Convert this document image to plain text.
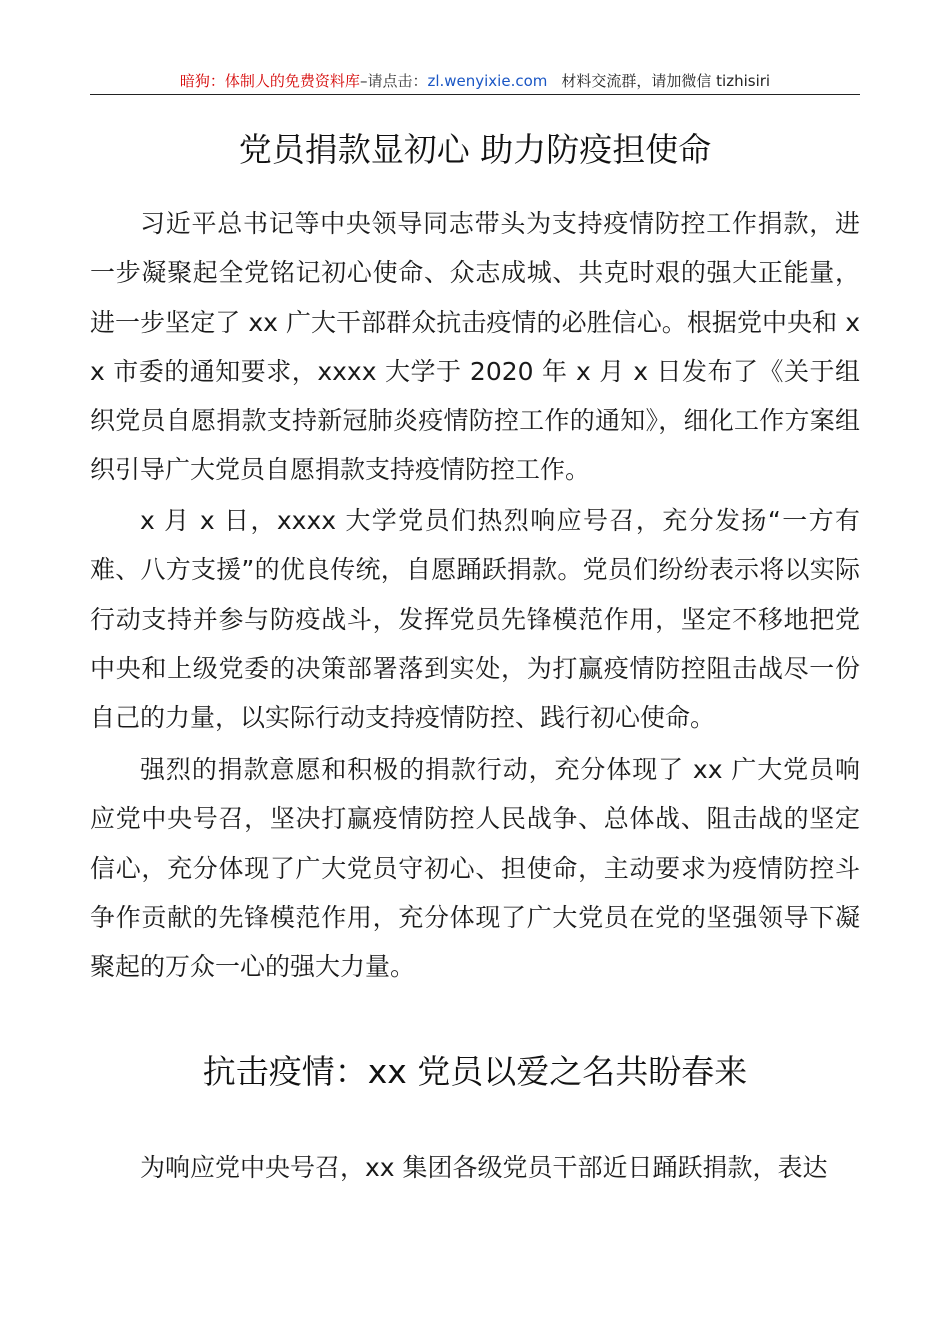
暗狗：体制人的免费资料库–请点击：zl.wenyixie.com 材料交流群，请加微信 tizhisiri
党员捐款显初心 助力防疫担使命

习近平总书记等中央领导同志带头为支持疫情防控工作捐款，进一步凝聚起全党铭记初心使命、众志成城、共克时艰的强大正能量，进一步坚定了 xx 广大干部群众抗击疫情的必胜信心。根据党中央和 xx 市委的通知要求，xxxx 大学于 2020 年 x 月 x 日发布了《关于组织党员自愿捐款支持新冠肺炎疫情防控工作的通知》，细化工作方案组织引导广大党员自愿捐款支持疫情防控工作。

x 月 x 日，xxxx 大学党员们热烈响应号召，充分发扬“一方有难、八方支援”的优良传统，自愿踊跃捐款。党员们纷纷表示将以实际行动支持并参与防疫战斗，发挥党员先锋模范作用，坚定不移地把党中央和上级党委的决策部署落到实处，为打赢疫情防控阻击战尽一份自己的力量，以实际行动支持疫情防控、践行初心使命。

强烈的捐款意愿和积极的捐款行动，充分体现了 xx 广大党员响应党中央号召，坚决打赢疫情防控人民战争、总体战、阻击战的坚定信心，充分体现了广大党员守初心、担使命，主动要求为疫情防控斗争作贡献的先锋模范作用，充分体现了广大党员在党的坚强领导下凝聚起的万众一心的强大力量。

抗击疫情：xx 党员以爱之名共盼春来

为响应党中央号召，xx 集团各级党员干部近日踊跃捐款，表达
